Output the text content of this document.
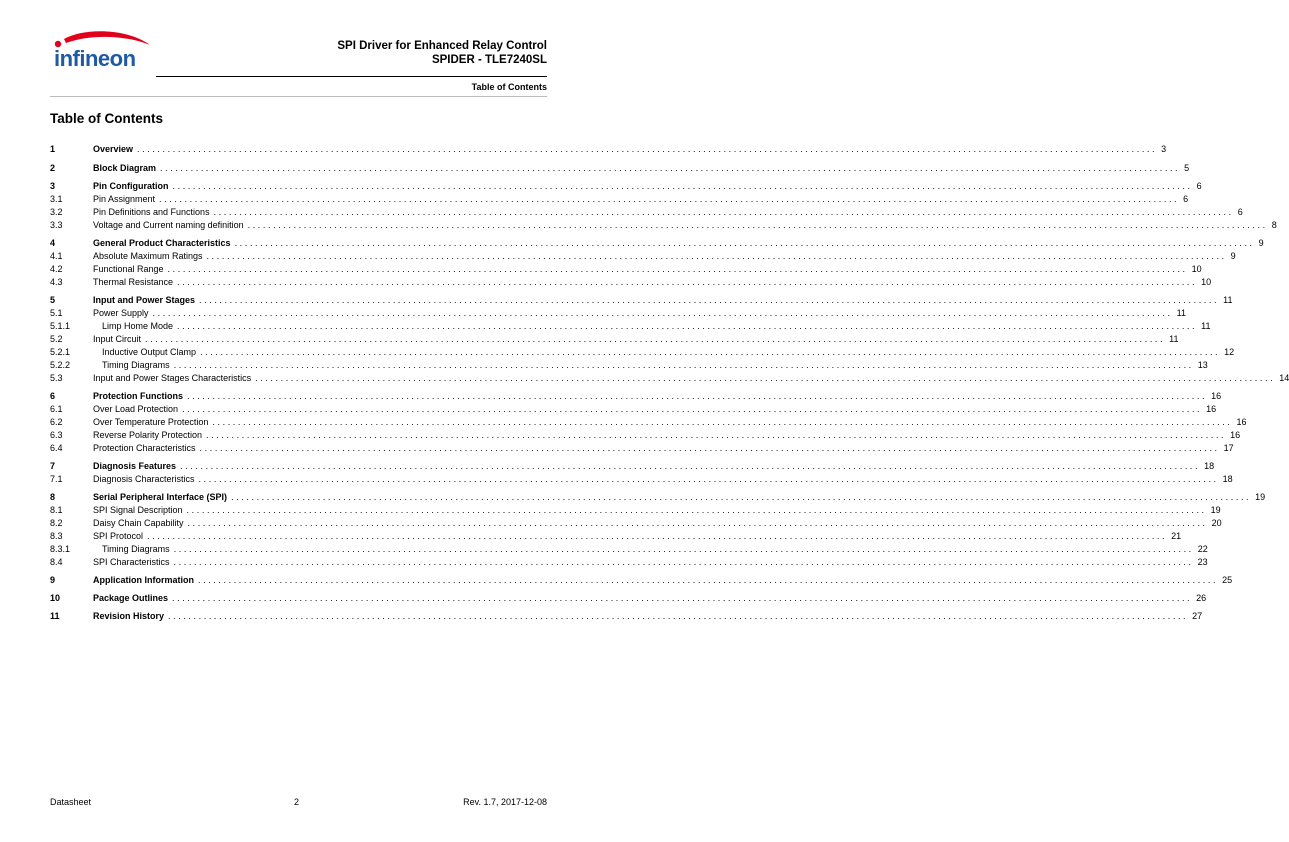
infineon	SPI Driver for Enhanced Relay Control
SPIDER - TLE7240SL
Table of Contents
Table of Contents
1	Overview ........................................................................................................................................................................................................ 3
2	Block Diagram ........................................................................................................................................................................................................ 5
3	Pin Configuration ........................................................................................................................................................................................................ 6
3.1	Pin Assignment ........................................................................................................................................................................................................ 6
3.2	Pin Definitions and Functions ........................................................................................................................................................................................................ 6
3.3	Voltage and Current naming definition ........................................................................................................................................................................................................ 8
4	General Product Characteristics ........................................................................................................................................................................................................ 9
4.1	Absolute Maximum Ratings ........................................................................................................................................................................................................ 9
4.2	Functional Range ........................................................................................................................................................................................................ 10
4.3	Thermal Resistance ........................................................................................................................................................................................................ 10
5	Input and Power Stages ........................................................................................................................................................................................................ 11
5.1	Power Supply ........................................................................................................................................................................................................ 11
5.1.1	Limp Home Mode ........................................................................................................................................................................................................ 11
5.2	Input Circuit ........................................................................................................................................................................................................ 11
5.2.1	Inductive Output Clamp ........................................................................................................................................................................................................ 12
5.2.2	Timing Diagrams ........................................................................................................................................................................................................ 13
5.3	Input and Power Stages Characteristics ........................................................................................................................................................................................................ 14
6	Protection Functions ........................................................................................................................................................................................................ 16
6.1	Over Load Protection ........................................................................................................................................................................................................ 16
6.2	Over Temperature Protection ........................................................................................................................................................................................................ 16
6.3	Reverse Polarity Protection ........................................................................................................................................................................................................ 16
6.4	Protection Characteristics ........................................................................................................................................................................................................ 17
7	Diagnosis Features ........................................................................................................................................................................................................ 18
7.1	Diagnosis Characteristics ........................................................................................................................................................................................................ 18
8	Serial Peripheral Interface (SPI) ........................................................................................................................................................................................................ 19
8.1	SPI Signal Description ........................................................................................................................................................................................................ 19
8.2	Daisy Chain Capability ........................................................................................................................................................................................................ 20
8.3	SPI Protocol ........................................................................................................................................................................................................ 21
8.3.1	Timing Diagrams ........................................................................................................................................................................................................ 22
8.4	SPI Characteristics ........................................................................................................................................................................................................ 23
9	Application Information ........................................................................................................................................................................................................ 25
10	Package Outlines ........................................................................................................................................................................................................ 26
11	Revision History ........................................................................................................................................................................................................ 27
Datasheet	2	Rev. 1.7, 2017-12-08
